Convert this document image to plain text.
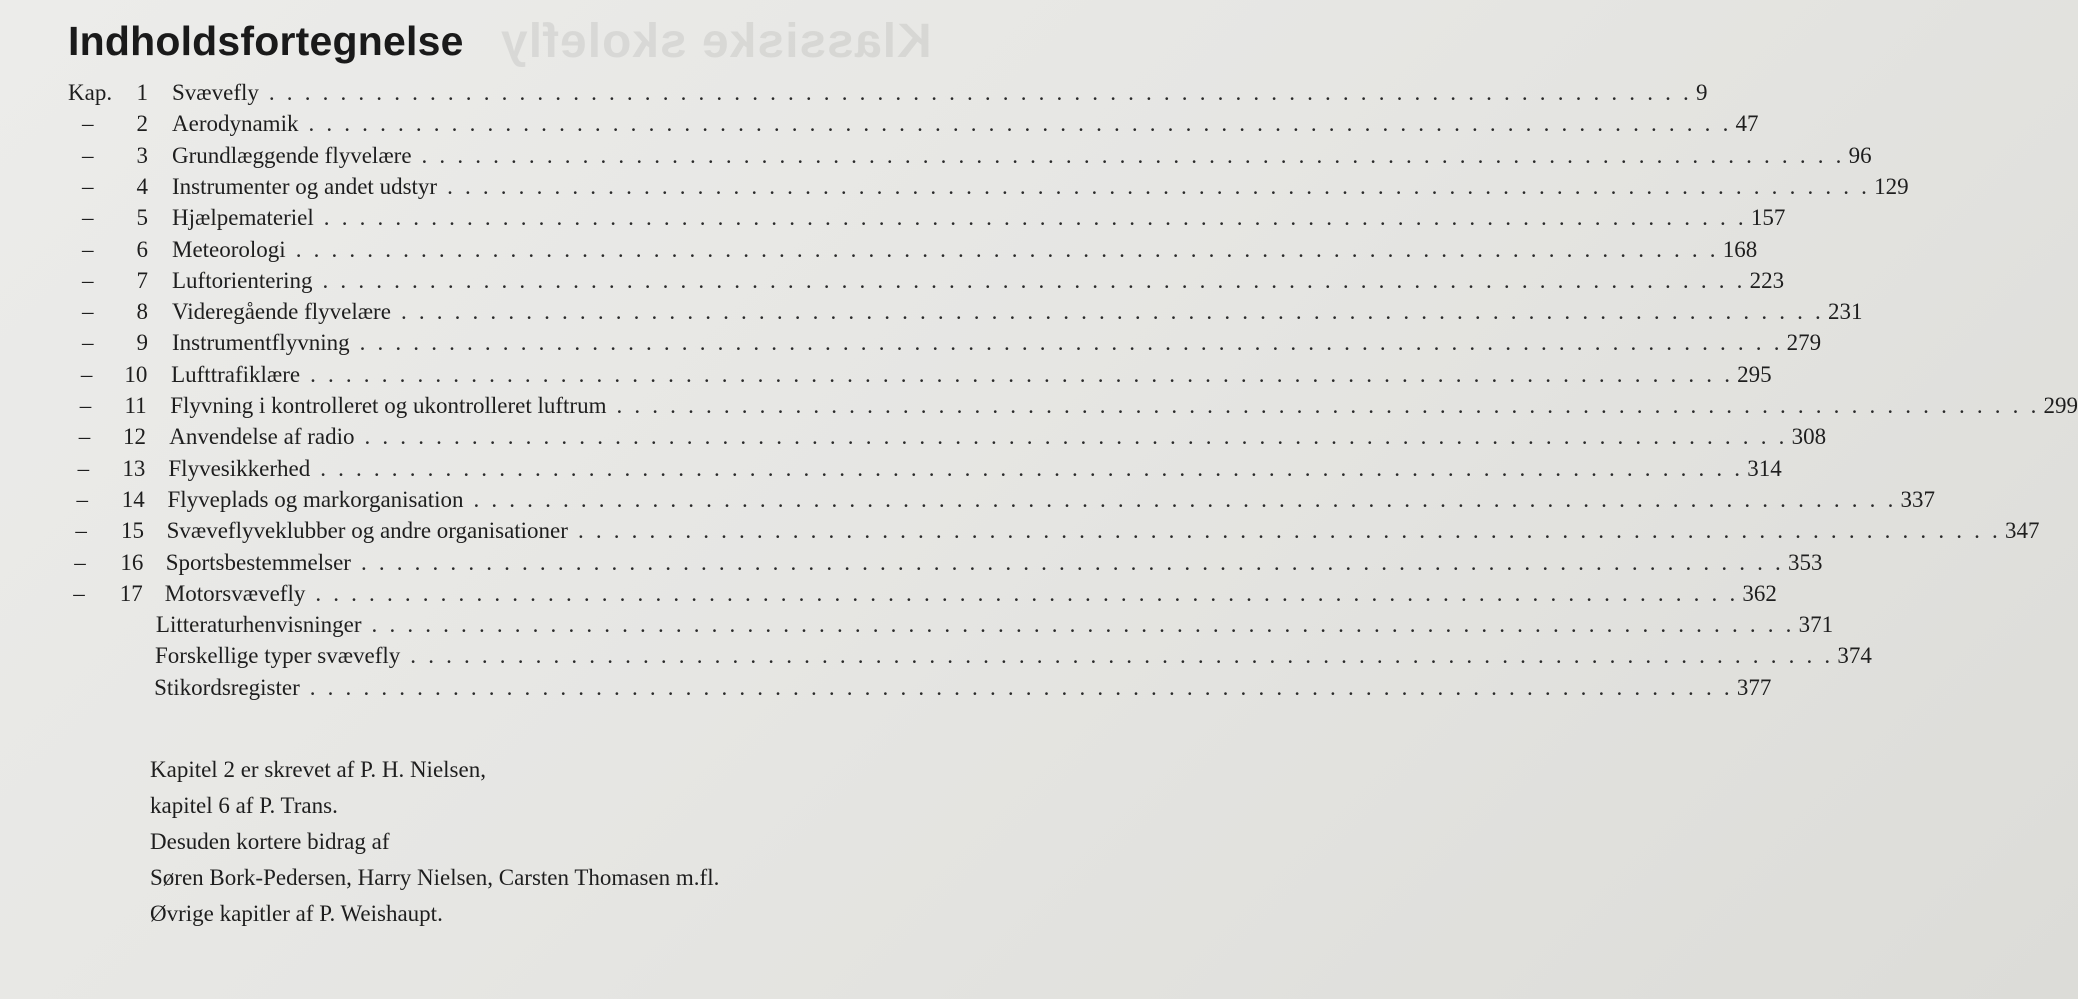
Klassiske skolefly
Indholdsfortegnelse
Kap.	1 Svævefly . . . . . . . . . . . . . . . . . . . . . . . . . . . . . . . . . . . . . . . . . . . . . . . . . . . . . . . . . . . . . . . . . . . . . . . . . . . . . . . . 9
–	2 Aerodynamik . . . . . . . . . . . . . . . . . . . . . . . . . . . . . . . . . . . . . . . . . . . . . . . . . . . . . . . . . . . . . . . . . . . . . . . . . . . . . . . . 47
–	3 Grundlæggende flyvelære . . . . . . . . . . . . . . . . . . . . . . . . . . . . . . . . . . . . . . . . . . . . . . . . . . . . . . . . . . . . . . . . . . . . . . . . . . . . . . . . 96
–	4 Instrumenter og andet udstyr . . . . . . . . . . . . . . . . . . . . . . . . . . . . . . . . . . . . . . . . . . . . . . . . . . . . . . . . . . . . . . . . . . . . . . . . . . . . . . . . 129
–	5 Hjælpemateriel . . . . . . . . . . . . . . . . . . . . . . . . . . . . . . . . . . . . . . . . . . . . . . . . . . . . . . . . . . . . . . . . . . . . . . . . . . . . . . . . 157
–	6 Meteorologi . . . . . . . . . . . . . . . . . . . . . . . . . . . . . . . . . . . . . . . . . . . . . . . . . . . . . . . . . . . . . . . . . . . . . . . . . . . . . . . . 168
–	7 Luftorientering . . . . . . . . . . . . . . . . . . . . . . . . . . . . . . . . . . . . . . . . . . . . . . . . . . . . . . . . . . . . . . . . . . . . . . . . . . . . . . . . 223
–	8 Videregående flyvelære . . . . . . . . . . . . . . . . . . . . . . . . . . . . . . . . . . . . . . . . . . . . . . . . . . . . . . . . . . . . . . . . . . . . . . . . . . . . . . . . 231
–	9 Instrumentflyvning . . . . . . . . . . . . . . . . . . . . . . . . . . . . . . . . . . . . . . . . . . . . . . . . . . . . . . . . . . . . . . . . . . . . . . . . . . . . . . . . 279
–	10 Lufttrafiklære . . . . . . . . . . . . . . . . . . . . . . . . . . . . . . . . . . . . . . . . . . . . . . . . . . . . . . . . . . . . . . . . . . . . . . . . . . . . . . . . 295
–	11 Flyvning i kontrolleret og ukontrolleret luftrum . . . . . . . . . . . . . . . . . . . . . . . . . . . . . . . . . . . . . . . . . . . . . . . . . . . . . . . . . . . . . . . . . . . . . . . . . . . . . . . . 299
–	12 Anvendelse af radio . . . . . . . . . . . . . . . . . . . . . . . . . . . . . . . . . . . . . . . . . . . . . . . . . . . . . . . . . . . . . . . . . . . . . . . . . . . . . . . . 308
–	13 Flyvesikkerhed . . . . . . . . . . . . . . . . . . . . . . . . . . . . . . . . . . . . . . . . . . . . . . . . . . . . . . . . . . . . . . . . . . . . . . . . . . . . . . . . 314
–	14 Flyveplads og markorganisation . . . . . . . . . . . . . . . . . . . . . . . . . . . . . . . . . . . . . . . . . . . . . . . . . . . . . . . . . . . . . . . . . . . . . . . . . . . . . . . . 337
–	15 Svæveflyveklubber og andre organisationer . . . . . . . . . . . . . . . . . . . . . . . . . . . . . . . . . . . . . . . . . . . . . . . . . . . . . . . . . . . . . . . . . . . . . . . . . . . . . . . . 347
–	16 Sportsbestemmelser . . . . . . . . . . . . . . . . . . . . . . . . . . . . . . . . . . . . . . . . . . . . . . . . . . . . . . . . . . . . . . . . . . . . . . . . . . . . . . . . 353
–	17 Motorsvævefly . . . . . . . . . . . . . . . . . . . . . . . . . . . . . . . . . . . . . . . . . . . . . . . . . . . . . . . . . . . . . . . . . . . . . . . . . . . . . . . . 362
Litteraturhenvisninger . . . . . . . . . . . . . . . . . . . . . . . . . . . . . . . . . . . . . . . . . . . . . . . . . . . . . . . . . . . . . . . . . . . . . . . . . . . . . . . . 371
Forskellige typer svævefly . . . . . . . . . . . . . . . . . . . . . . . . . . . . . . . . . . . . . . . . . . . . . . . . . . . . . . . . . . . . . . . . . . . . . . . . . . . . . . . . 374
Stikordsregister . . . . . . . . . . . . . . . . . . . . . . . . . . . . . . . . . . . . . . . . . . . . . . . . . . . . . . . . . . . . . . . . . . . . . . . . . . . . . . . . 377
Kapitel 2 er skrevet af P. H. Nielsen,
kapitel 6 af P. Trans.
Desuden kortere bidrag af
Søren Bork-Pedersen, Harry Nielsen, Carsten Thomasen m.fl.
Øvrige kapitler af P. Weishaupt.
